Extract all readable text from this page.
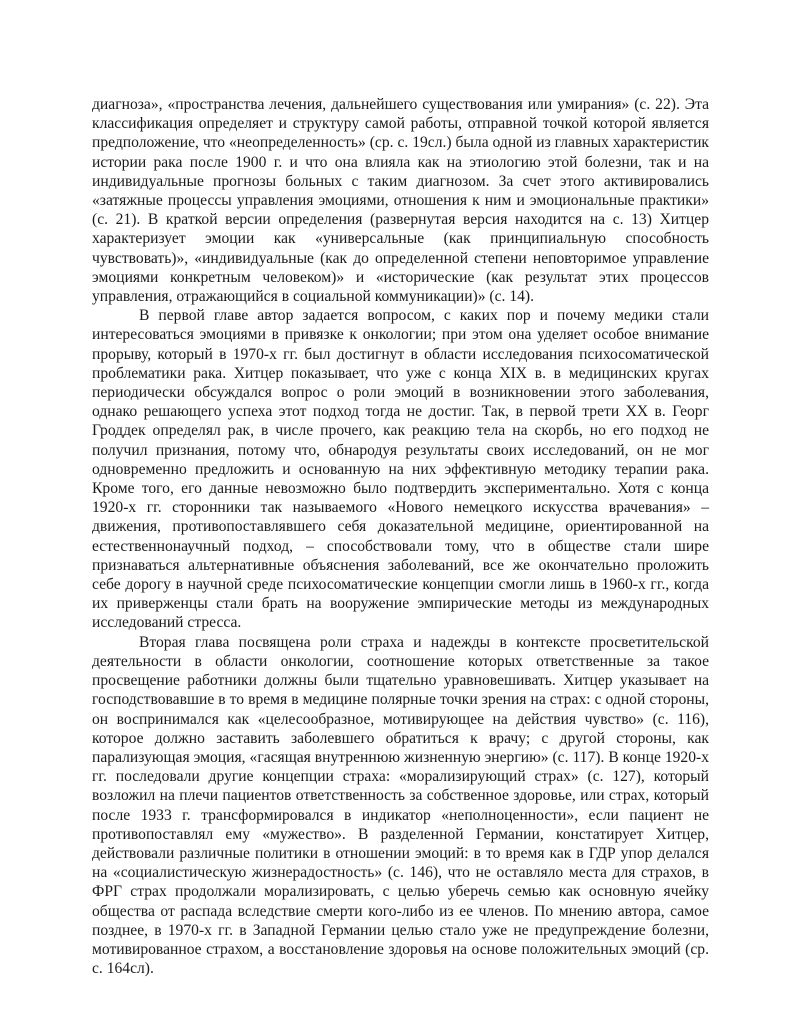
диагноза», «пространства лечения, дальнейшего существования или умирания» (с. 22). Эта классификация определяет и структуру самой работы, отправной точкой которой является предположение, что «неопределенность» (ср. с. 19сл.) была одной из главных характеристик истории рака после 1900 г. и что она влияла как на этиологию этой болезни, так и на индивидуальные прогнозы больных с таким диагнозом. За счет этого активировались «затяжные процессы управления эмоциями, отношения к ним и эмоциональные практики» (с. 21). В краткой версии определения (развернутая версия находится на с. 13) Хитцер характеризует эмоции как «универсальные (как принципиальную способность чувствовать)», «индивидуальные (как до определенной степени неповторимое управление эмоциями конкретным человеком)» и «исторические (как результат этих процессов управления, отражающийся в социальной коммуникации)» (с. 14).

В первой главе автор задается вопросом, с каких пор и почему медики стали интересоваться эмоциями в привязке к онкологии; при этом она уделяет особое внимание прорыву, который в 1970-х гг. был достигнут в области исследования психосоматической проблематики рака. Хитцер показывает, что уже с конца XIX в. в медицинских кругах периодически обсуждался вопрос о роли эмоций в возникновении этого заболевания, однако решающего успеха этот подход тогда не достиг. Так, в первой трети XX в. Георг Гроддек определял рак, в числе прочего, как реакцию тела на скорбь, но его подход не получил признания, потому что, обнародуя результаты своих исследований, он не мог одновременно предложить и основанную на них эффективную методику терапии рака. Кроме того, его данные невозможно было подтвердить экспериментально. Хотя с конца 1920-х гг. сторонники так называемого «Нового немецкого искусства врачевания» – движения, противопоставлявшего себя доказательной медицине, ориентированной на естественнонаучный подход, – способствовали тому, что в обществе стали шире признаваться альтернативные объяснения заболеваний, все же окончательно проложить себе дорогу в научной среде психосоматические концепции смогли лишь в 1960-х гг., когда их приверженцы стали брать на вооружение эмпирические методы из международных исследований стресса.

Вторая глава посвящена роли страха и надежды в контексте просветительской деятельности в области онкологии, соотношение которых ответственные за такое просвещение работники должны были тщательно уравновешивать. Хитцер указывает на господствовавшие в то время в медицине полярные точки зрения на страх: с одной стороны, он воспринимался как «целесообразное, мотивирующее на действия чувство» (с. 116), которое должно заставить заболевшего обратиться к врачу; с другой стороны, как парализующая эмоция, «гасящая внутреннюю жизненную энергию» (с. 117). В конце 1920-х гг. последовали другие концепции страха: «морализирующий страх» (с. 127), который возложил на плечи пациентов ответственность за собственное здоровье, или страх, который после 1933 г. трансформировался в индикатор «неполноценности», если пациент не противопоставлял ему «мужество». В разделенной Германии, констатирует Хитцер, действовали различные политики в отношении эмоций: в то время как в ГДР упор делался на «социалистическую жизнерадостность» (с. 146), что не оставляло места для страхов, в ФРГ страх продолжали морализировать, с целью уберечь семью как основную ячейку общества от распада вследствие смерти кого-либо из ее членов. По мнению автора, самое позднее, в 1970-х гг. в Западной Германии целью стало уже не предупреждение болезни, мотивированное страхом, а восстановление здоровья на основе положительных эмоций (ср. с. 164сл).
